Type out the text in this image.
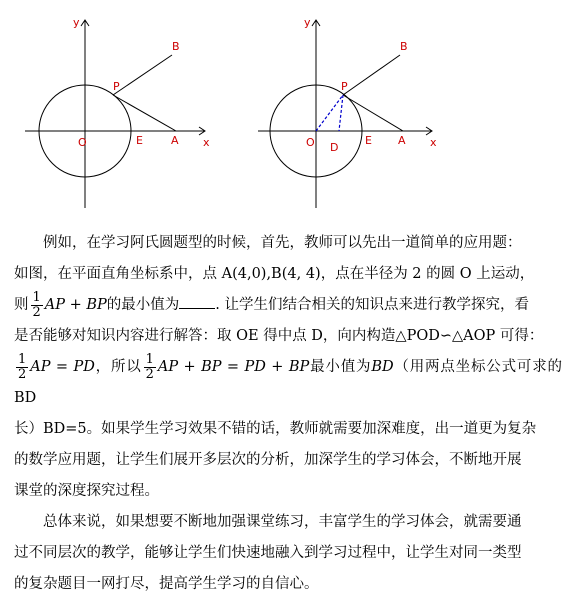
y
x
B
P
O	E	A
y
x
B
P
O D
E A

例如，在学习阿氏圆题型的时候，首先，教师可以先出一道简单的应用题：
如图，在平面直角坐标系中，点 A(4,0),B(4, 4)，点在半径为 2 的圆 O 上运动，
则 $\frac{1}{2}$ AP + BP的最小值为 . 让学生们结合相关的知识点来进行教学探究，看
是否能够对知识内容进行解答：取 OE 得中点 D，向内构造△POD∽△AOP 可得：

$\frac{1}{2}$ AP = PD，所以 $\frac{1}{2}$ AP + BP = PD + BP最小值为BD（用两点坐标公式可求的 BD
长）BD=5。如果学生学习效果不错的话，教师就需要加深难度，出一道更为复杂
的数学应用题，让学生们展开多层次的分析，加深学生的学习体会，不断地开展
课堂的深度探究过程。

总体来说，如果想要不断地加强课堂练习，丰富学生的学习体会，就需要通
过不同层次的教学，能够让学生们快速地融入到学习过程中，让学生对同一类型
的复杂题目一网打尽，提高学生学习的自信心。
